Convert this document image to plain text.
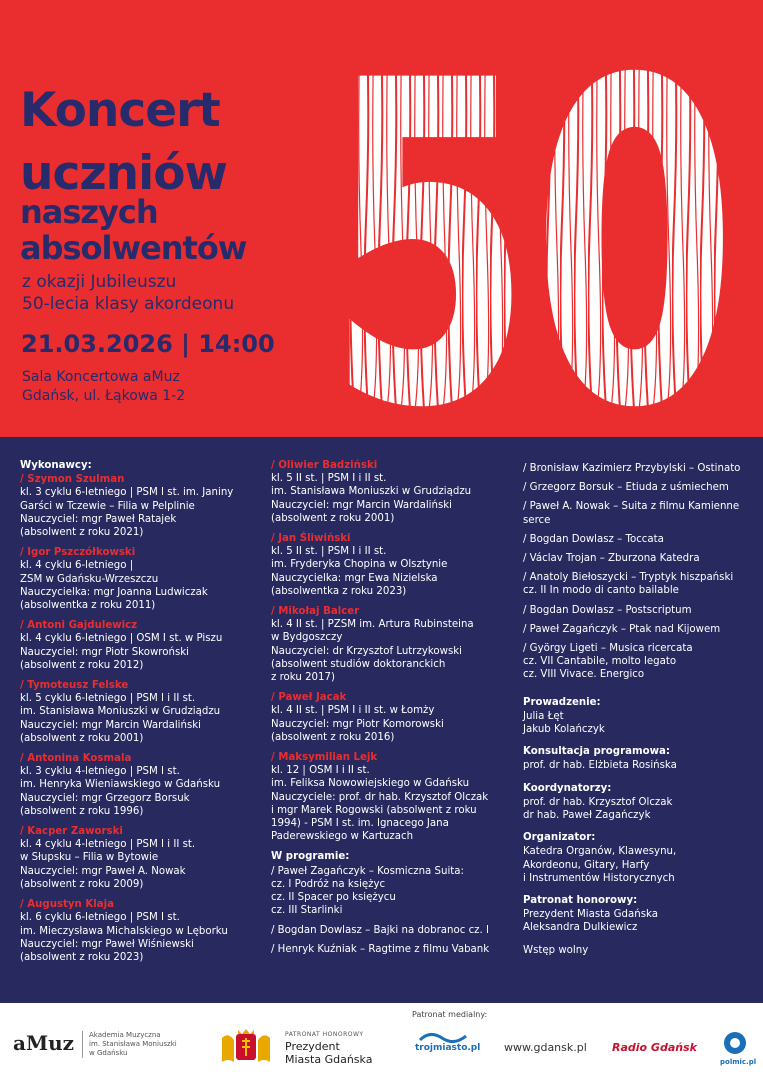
Koncert
uczniów
naszych
absolwentów
z okazji Jubileuszu
50-lecia klasy akordeonu
21.03.2026 | 14:00
Sala Koncertowa aMuz
Gdańsk, ul. Łąkowa 1-2 50
Wykonawcy:
/ Szymon Szulman
kl. 3 cyklu 6-letniego | PSM I st. im. Janiny
Garści w Tczewie – Filia w Pelplinie
Nauczyciel: mgr Paweł Ratajek
(absolwent z roku 2021)
/ Igor Pszczółkowski
kl. 4 cyklu 6-letniego |
ZSM w Gdańsku-Wrzeszczu
Nauczycielka: mgr Joanna Ludwiczak
(absolwentka z roku 2011)
/ Antoni Gajdulewicz
kl. 4 cyklu 6-letniego | OSM I st. w Piszu
Nauczyciel: mgr Piotr Skowroński
(absolwent z roku 2012)
/ Tymoteusz Felske
kl. 5 cyklu 6-letniego | PSM I i II st.
im. Stanisława Moniuszki w Grudziądzu
Nauczyciel: mgr Marcin Wardaliński
(absolwent z roku 2001)
/ Antonina Kosmala
kl. 3 cyklu 4-letniego | PSM I st.
im. Henryka Wieniawskiego w Gdańsku
Nauczyciel: mgr Grzegorz Borsuk
(absolwent z roku 1996)
/ Kacper Zaworski
kl. 4 cyklu 4-letniego | PSM I i II st.
w Słupsku – Filia w Bytowie
Nauczyciel: mgr Paweł A. Nowak
(absolwent z roku 2009)
/ Augustyn Klaja
kl. 6 cyklu 6-letniego | PSM I st.
im. Mieczysława Michalskiego w Lęborku
Nauczyciel: mgr Paweł Wiśniewski
(absolwent z roku 2023)
/ Oliwier Badziński
kl. 5 II st. | PSM I i II st.
im. Stanisława Moniuszki w Grudziądzu
Nauczyciel: mgr Marcin Wardaliński
(absolwent z roku 2001)
/ Jan Śliwiński
kl. 5 II st. | PSM I i II st.
im. Fryderyka Chopina w Olsztynie
Nauczycielka: mgr Ewa Nizielska
(absolwentka z roku 2023)
/ Mikołaj Balcer
kl. 4 II st. | PZSM im. Artura Rubinsteina
w Bydgoszczy
Nauczyciel: dr Krzysztof Lutrzykowski
(absolwent studiów doktoranckich
z roku 2017)
/ Paweł Jacak
kl. 4 II st. | PSM I i II st. w Łomży
Nauczyciel: mgr Piotr Komorowski
(absolwent z roku 2016)
/ Maksymilian Lejk
kl. 12 | OSM I i II st.
im. Feliksa Nowowiejskiego w Gdańsku
Nauczyciele: prof. dr hab. Krzysztof Olczak
i mgr Marek Rogowski (absolwent z roku
1994) - PSM I st. im. Ignacego Jana
Paderewskiego w Kartuzach
W programie:
/ Paweł Zagańczyk – Kosmiczna Suita:
cz. I Podróż na księżyc
cz. II Spacer po księżycu
cz. III Starlinki
/ Bogdan Dowlasz – Bajki na dobranoc cz. I
/ Henryk Kuźniak – Ragtime z filmu Vabank
/ Bronisław Kazimierz Przybylski – Ostinato
/ Grzegorz Borsuk – Etiuda z uśmiechem
/ Paweł A. Nowak – Suita z filmu Kamienne
serce
/ Bogdan Dowlasz – Toccata
/ Václav Trojan – Zburzona Katedra
/ Anatoly Biełoszycki – Tryptyk hiszpański
cz. II In modo di canto bailable
/ Bogdan Dowlasz – Postscriptum
/ Paweł Zagańczyk – Ptak nad Kijowem
/ György Ligeti – Musica ricercata
cz. VII Cantabile, molto legato
cz. VIII Vivace. Energico
Prowadzenie:
Julia Łęt
Jakub Kolańczyk
Konsultacja programowa:
prof. dr hab. Elżbieta Rosińska
Koordynatorzy:
prof. dr hab. Krzysztof Olczak
dr hab. Paweł Zagańczyk
Organizator:
Katedra Organów, Klawesynu,
Akordeonu, Gitary, Harfy
i Instrumentów Historycznych
Patronat honorowy:
Prezydent Miasta Gdańska
Aleksandra Dulkiewicz
Wstęp wolny
Patronat medialny:
aMuz Akademia Muzyczna
im. Stanisława Moniuszki
w Gdańsku
PATRONAT HONOROWY
Prezydent
Miasta Gdańska
trojmiasto.pl www.gdansk.pl Radio Gdańsk
polmic.pl
